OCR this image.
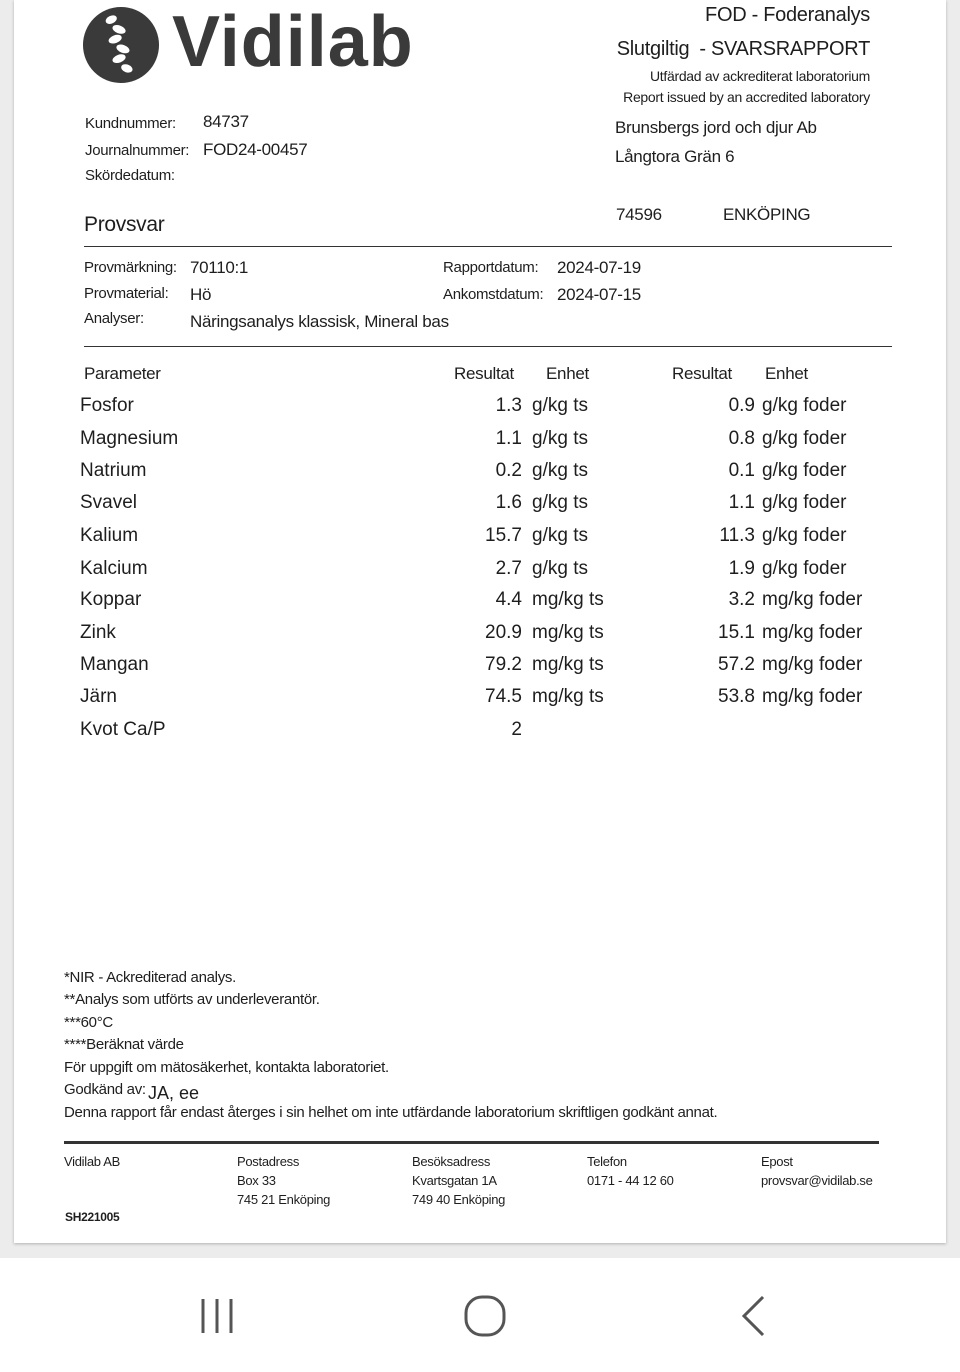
Vidilab	FOD - Foderanalys
Slutgiltig - SVARSRAPPORT
Utfärdad av ackrediterat laboratorium
Report issued by an accredited laboratory
Kundnummer: 84737
Journalnummer: FOD24-00457
Skördedatum:
Brunsbergs jord och djur Ab
Långtora Grän 6
74596	ENKÖPING
Provsvar
Provmärkning: 70110:1
Provmaterial: Hö
Analyser:	Näringsanalys klassisk, Mineral bas
Rapportdatum: 2024-07-19
Ankomstdatum: 2024-07-15
Parameter	Resultat Enhet	Resultat Enhet
Fosfor	1.3 g/kg ts	0.9 g/kg foder
Magnesium	1.1 g/kg ts	0.8 g/kg foder
Natrium	0.2 g/kg ts	0.1 g/kg foder
Svavel	1.6 g/kg ts	1.1 g/kg foder
Kalium	15.7 g/kg ts	11.3 g/kg foder
Kalcium	2.7 g/kg ts	1.9 g/kg foder
Koppar	4.4 mg/kg ts	3.2 mg/kg foder
Zink	20.9 mg/kg ts	15.1 mg/kg foder
Mangan	79.2 mg/kg ts	57.2 mg/kg foder
Järn	74.5 mg/kg ts	53.8 mg/kg foder
Kvot Ca/P	2
*NIR - Ackrediterad analys.
**Analys som utförts av underleverantör.
***60°C
****Beräknat värde
För uppgift om mätosäkerhet, kontakta laboratoriet.
Godkänd av: JA, ee
Denna rapport får endast återges i sin helhet om inte utfärdande laboratorium skriftligen godkänt annat.
Vidilab AB
SH221005
Postadress
Box 33
745 21 Enköping
Besöksadress
Kvartsgatan 1A
749 40 Enköping
Telefon
0171 - 44 12 60
Epost
provsvar@vidilab.se
